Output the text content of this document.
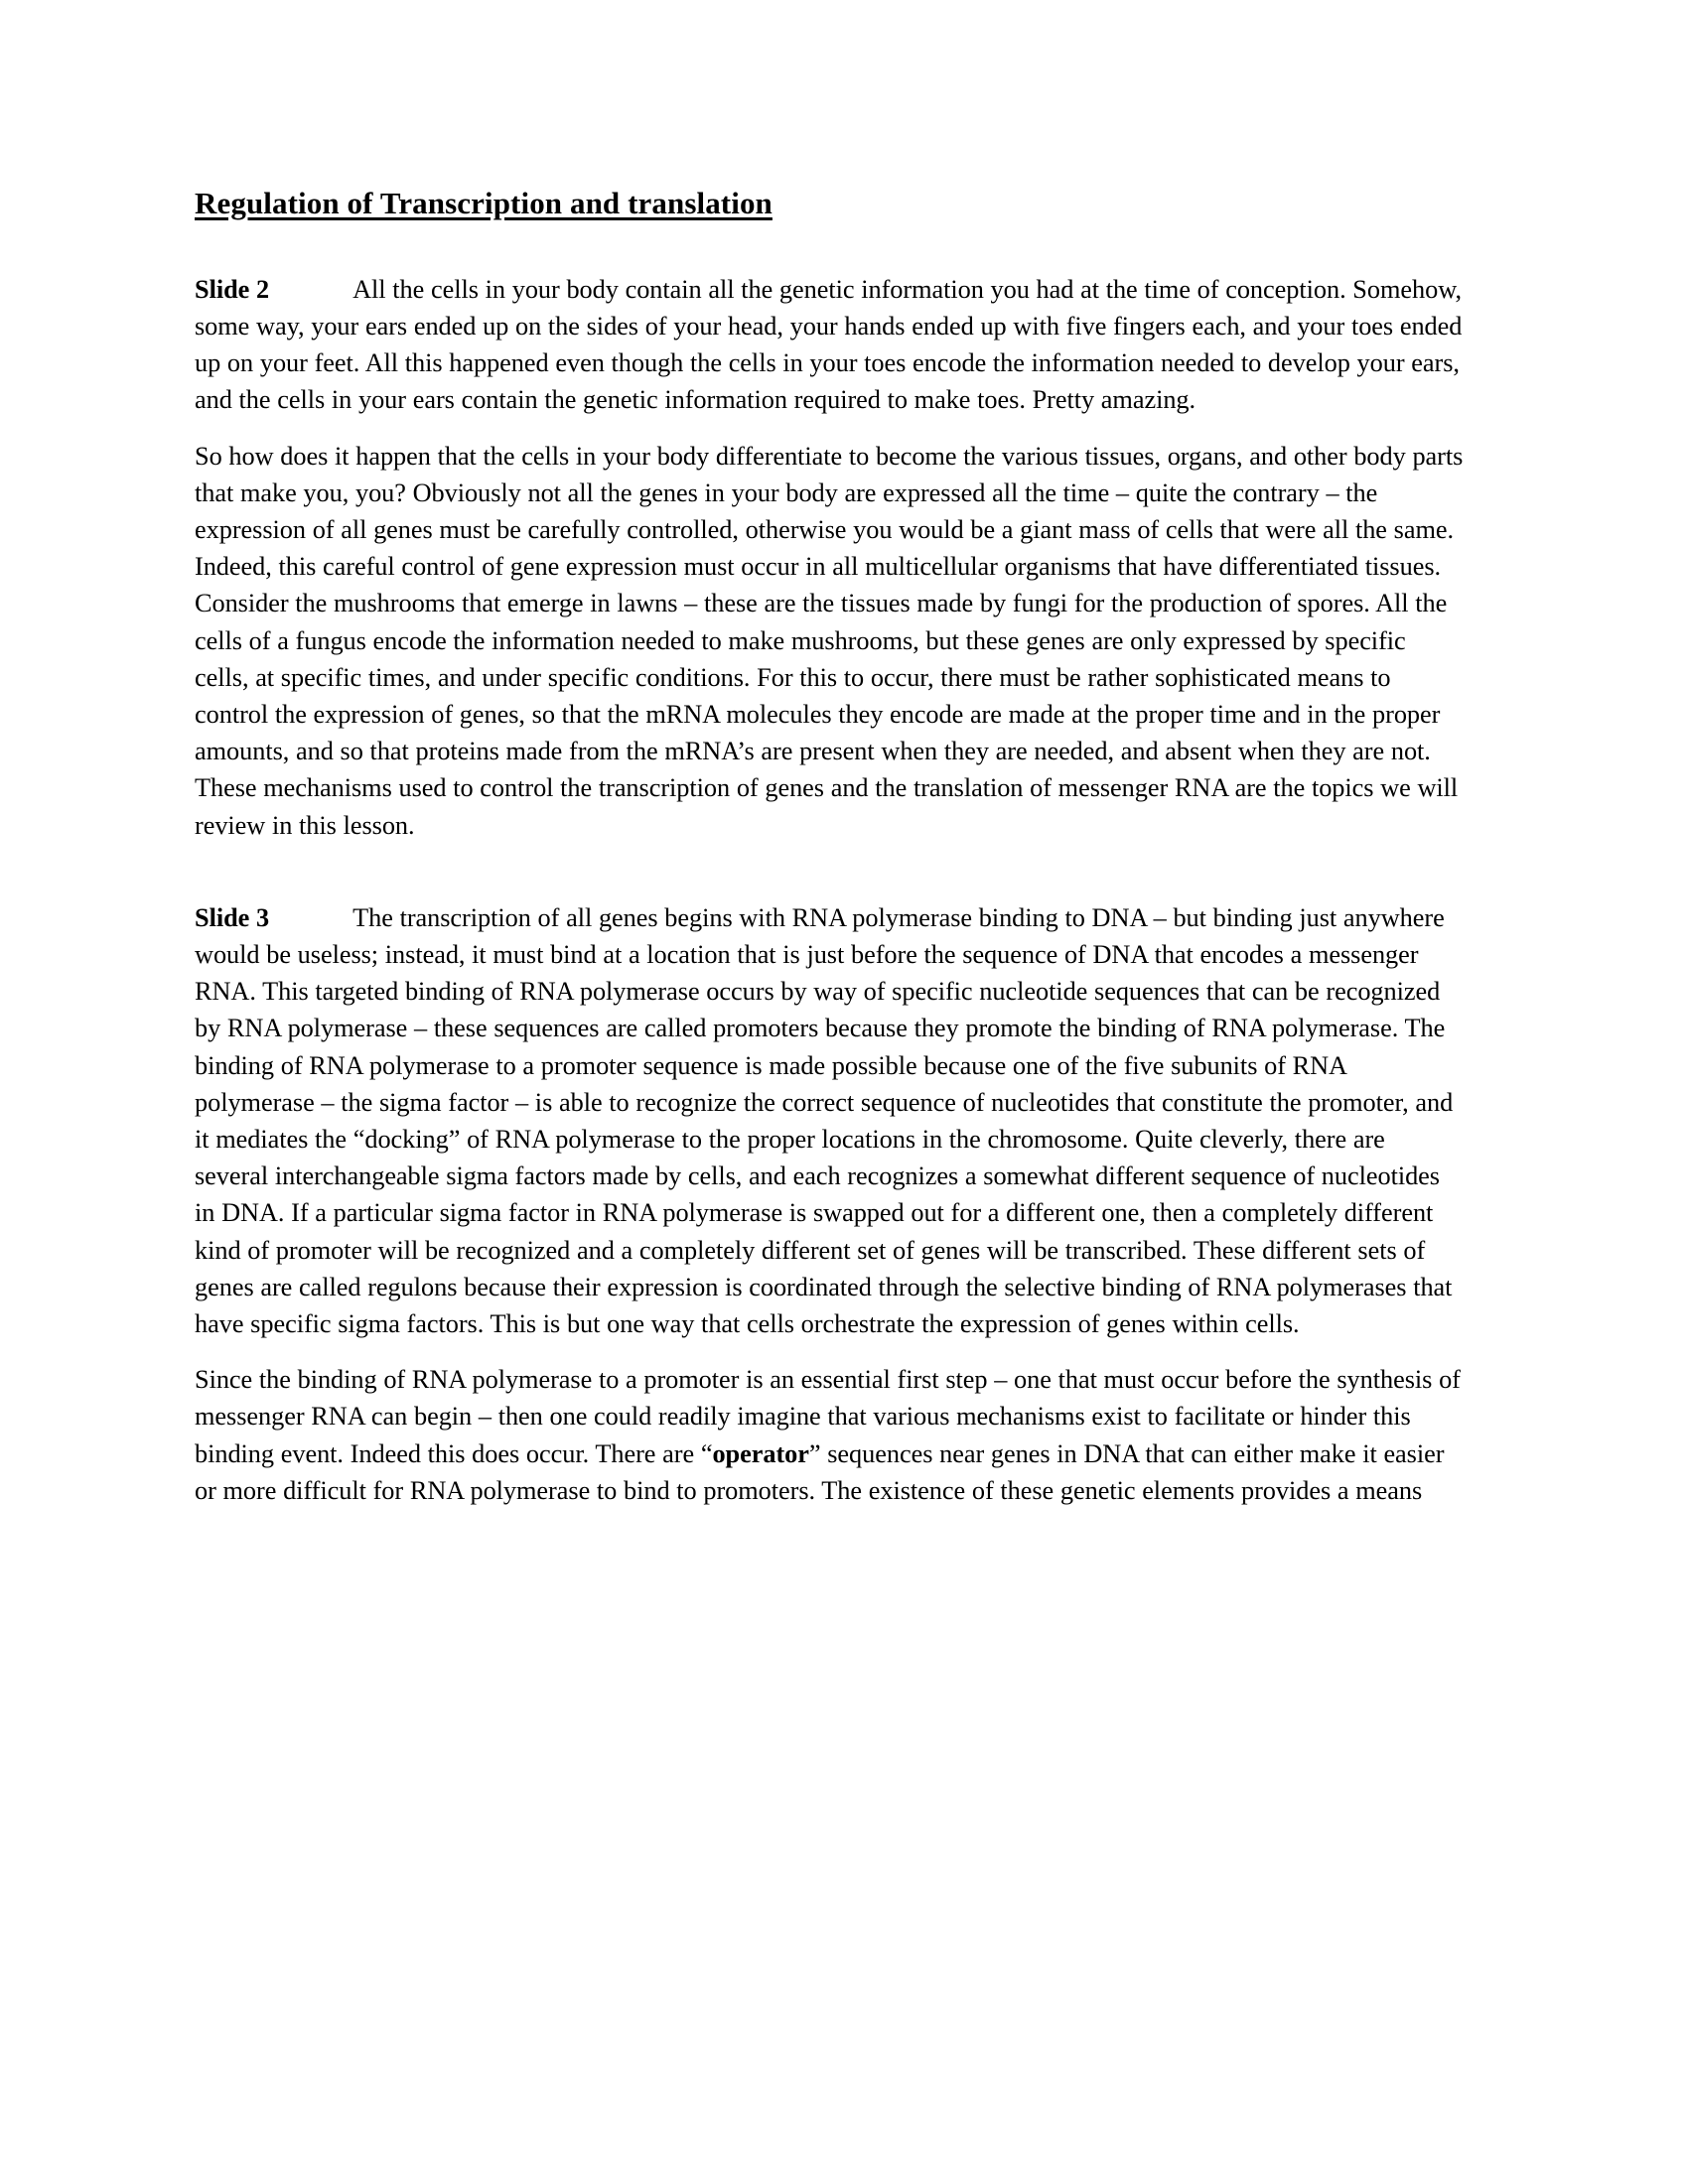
Regulation of Transcription and translation

Slide 2	All the cells in your body contain all the genetic information you had at the time of conception. Somehow, some way, your ears ended up on the sides of your head, your hands ended up with five fingers each, and your toes ended up on your feet. All this happened even though the cells in your toes encode the information needed to develop your ears, and the cells in your ears contain the genetic information required to make toes. Pretty amazing.

So how does it happen that the cells in your body differentiate to become the various tissues, organs, and other body parts that make you, you? Obviously not all the genes in your body are expressed all the time – quite the contrary – the expression of all genes must be carefully controlled, otherwise you would be a giant mass of cells that were all the same. Indeed, this careful control of gene expression must occur in all multicellular organisms that have differentiated tissues. Consider the mushrooms that emerge in lawns – these are the tissues made by fungi for the production of spores. All the cells of a fungus encode the information needed to make mushrooms, but these genes are only expressed by specific cells, at specific times, and under specific conditions. For this to occur, there must be rather sophisticated means to control the expression of genes, so that the mRNA molecules they encode are made at the proper time and in the proper amounts, and so that proteins made from the mRNA’s are present when they are needed, and absent when they are not. These mechanisms used to control the transcription of genes and the translation of messenger RNA are the topics we will review in this lesson.

Slide 3	The transcription of all genes begins with RNA polymerase binding to DNA – but binding just anywhere would be useless; instead, it must bind at a location that is just before the sequence of DNA that encodes a messenger RNA. This targeted binding of RNA polymerase occurs by way of specific nucleotide sequences that can be recognized by RNA polymerase – these sequences are called promoters because they promote the binding of RNA polymerase. The binding of RNA polymerase to a promoter sequence is made possible because one of the five subunits of RNA polymerase – the sigma factor – is able to recognize the correct sequence of nucleotides that constitute the promoter, and it mediates the “docking” of RNA polymerase to the proper locations in the chromosome. Quite cleverly, there are several interchangeable sigma factors made by cells, and each recognizes a somewhat different sequence of nucleotides in DNA. If a particular sigma factor in RNA polymerase is swapped out for a different one, then a completely different kind of promoter will be recognized and a completely different set of genes will be transcribed. These different sets of genes are called regulons because their expression is coordinated through the selective binding of RNA polymerases that have specific sigma factors. This is but one way that cells orchestrate the expression of genes within cells.

Since the binding of RNA polymerase to a promoter is an essential first step – one that must occur before the synthesis of messenger RNA can begin – then one could readily imagine that various mechanisms exist to facilitate or hinder this binding event. Indeed this does occur. There are “operator” sequences near genes in DNA that can either make it easier or more difficult for RNA polymerase to bind to promoters. The existence of these genetic elements provides a means
